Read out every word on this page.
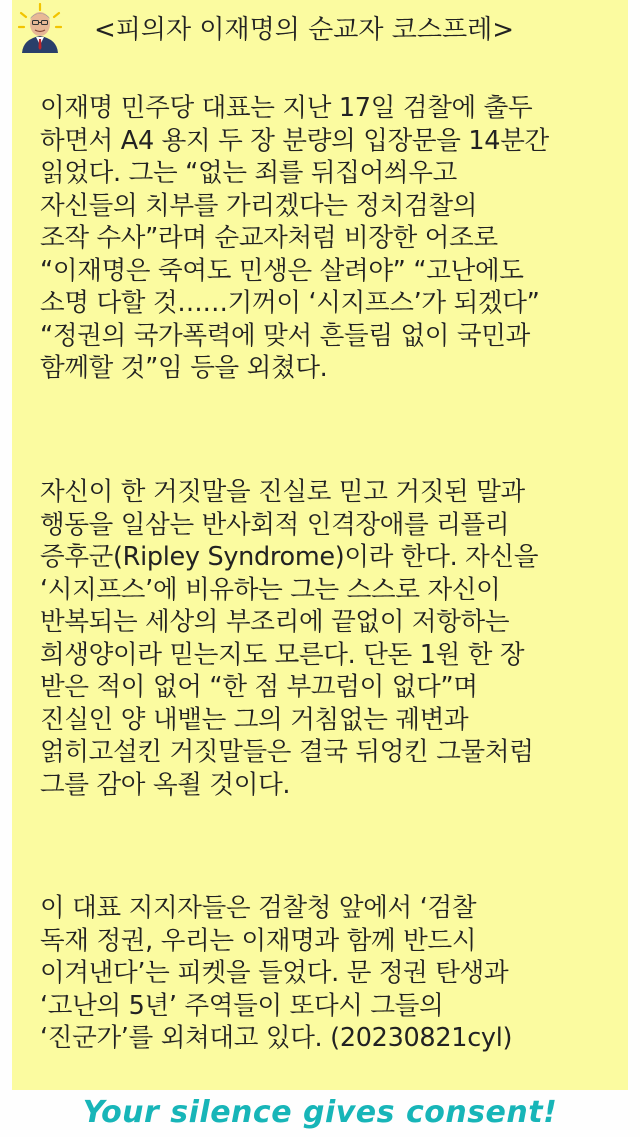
<피의자 이재명의 순교자 코스프레>

이재명 민주당 대표는 지난 17일 검찰에 출두
하면서 A4 용지 두 장 분량의 입장문을 14분간
읽었다. 그는 “없는 죄를 뒤집어씌우고
자신들의 치부를 가리겠다는 정치검찰의
조작 수사”라며 순교자처럼 비장한 어조로
“이재명은 죽여도 민생은 살려야” “고난에도
소명 다할 것……기꺼이 ‘시지프스’가 되겠다”
“정권의 국가폭력에 맞서 흔들림 없이 국민과
함께할 것”임 등을 외쳤다.

자신이 한 거짓말을 진실로 믿고 거짓된 말과
행동을 일삼는 반사회적 인격장애를 리플리
증후군(Ripley Syndrome)이라 한다. 자신을
‘시지프스’에 비유하는 그는 스스로 자신이
반복되는 세상의 부조리에 끝없이 저항하는
희생양이라 믿는지도 모른다. 단돈 1원 한 장
받은 적이 없어 “한 점 부끄럼이 없다”며
진실인 양 내뱉는 그의 거침없는 궤변과
얽히고설킨 거짓말들은 결국 뒤엉킨 그물처럼
그를 감아 옥죌 것이다.

이 대표 지지자들은 검찰청 앞에서 ‘검찰
독재 정권, 우리는 이재명과 함께 반드시
이겨낸다’는 피켓을 들었다. 문 정권 탄생과
‘고난의 5년’ 주역들이 또다시 그들의
‘진군가’를 외쳐대고 있다. (20230821cyl)

Your silence gives consent!
